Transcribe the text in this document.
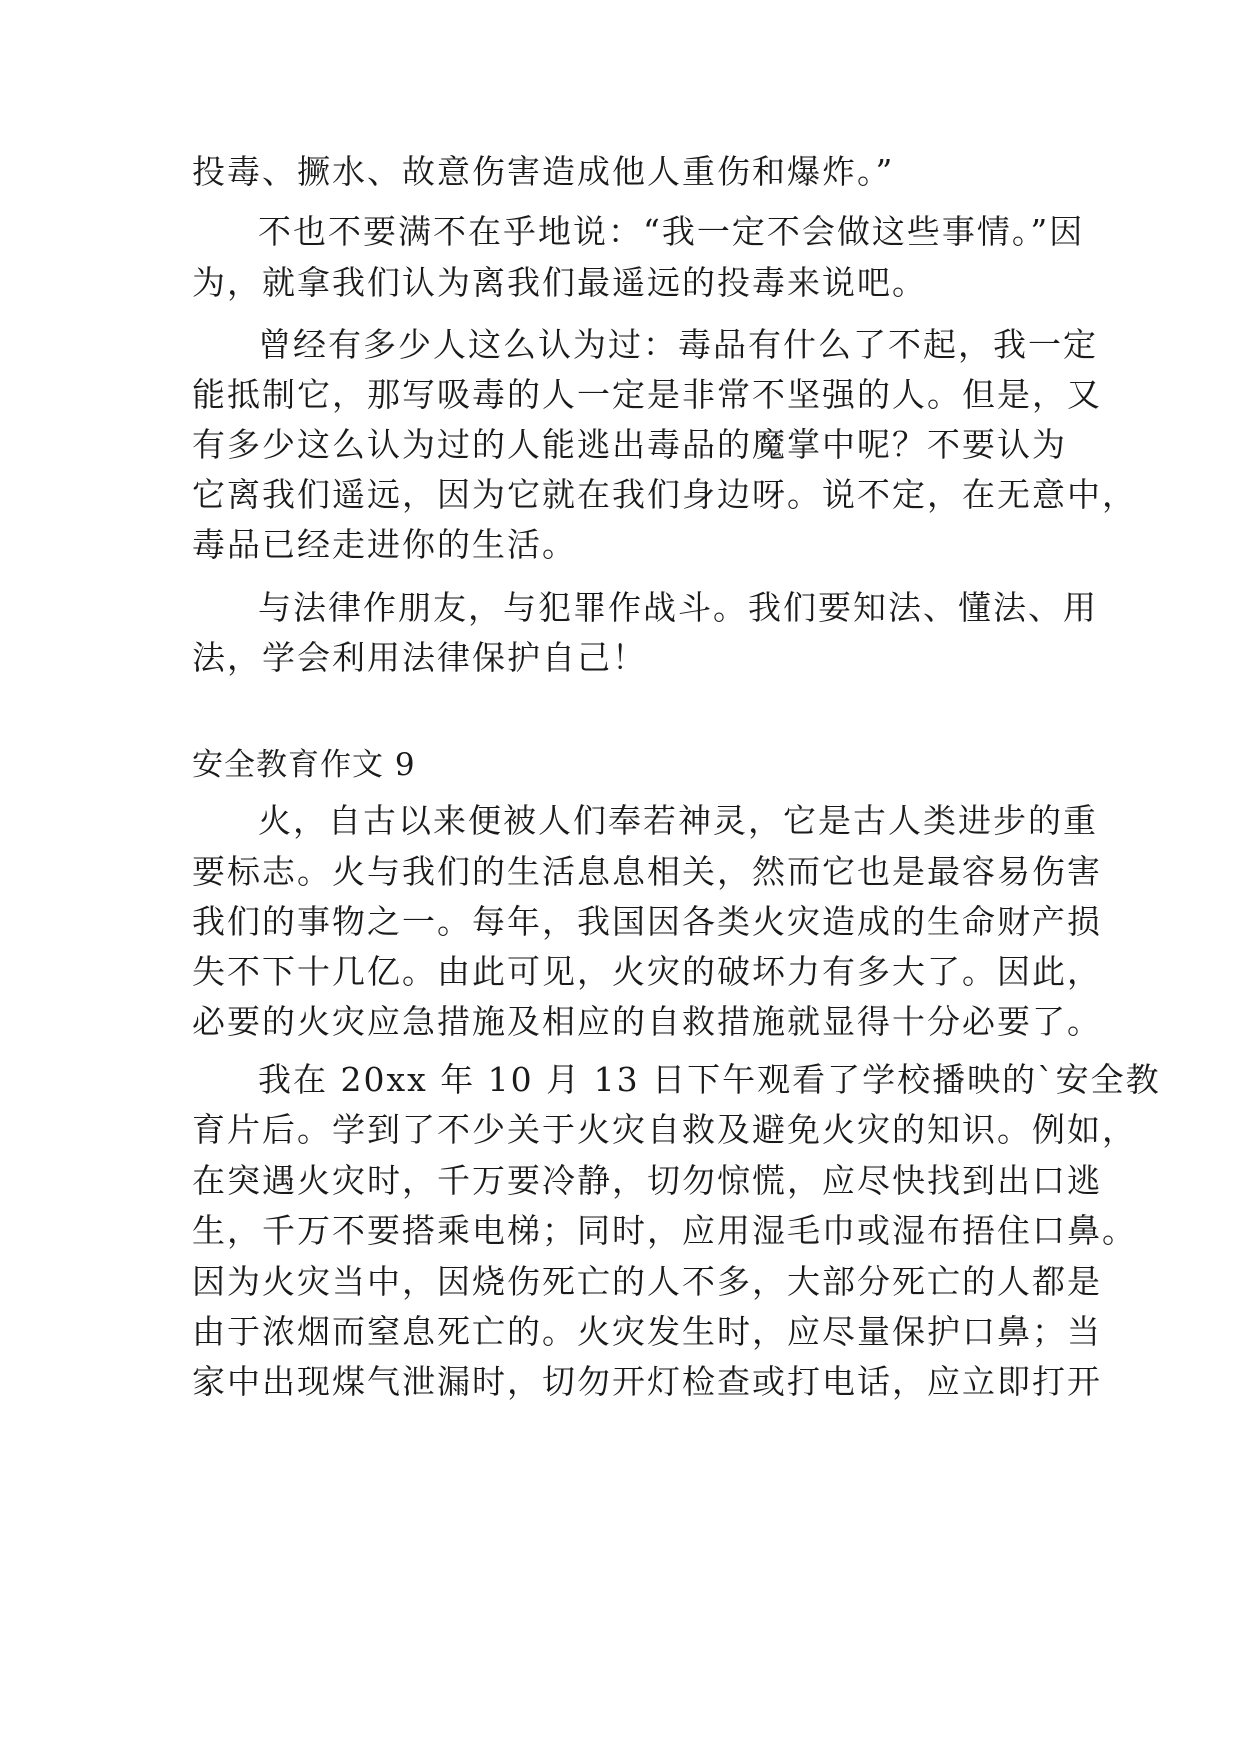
投毒、撅水、故意伤害造成他人重伤和爆炸。”
不也不要满不在乎地说：“我一定不会做这些事情。”因
为，就拿我们认为离我们最遥远的投毒来说吧。
曾经有多少人这么认为过：毒品有什么了不起，我一定
能抵制它，那写吸毒的人一定是非常不坚强的人。但是，又
有多少这么认为过的人能逃出毒品的魔掌中呢？不要认为
它离我们遥远，因为它就在我们身边呀。说不定，在无意中，
毒品已经走进你的生活。
与法律作朋友，与犯罪作战斗。我们要知法、懂法、用
法，学会利用法律保护自己！
安全教育作文 9
火，自古以来便被人们奉若神灵，它是古人类进步的重
要标志。火与我们的生活息息相关，然而它也是最容易伤害
我们的事物之一。每年，我国因各类火灾造成的生命财产损
失不下十几亿。由此可见，火灾的破坏力有多大了。因此，
必要的火灾应急措施及相应的自救措施就显得十分必要了。
我在 20xx 年 10 月 13 日下午观看了学校播映的`安全教
育片后。学到了不少关于火灾自救及避免火灾的知识。例如，
在突遇火灾时，千万要冷静，切勿惊慌，应尽快找到出口逃
生，千万不要搭乘电梯；同时，应用湿毛巾或湿布捂住口鼻。
因为火灾当中，因烧伤死亡的人不多，大部分死亡的人都是
由于浓烟而窒息死亡的。火灾发生时，应尽量保护口鼻；当
家中出现煤气泄漏时，切勿开灯检查或打电话，应立即打开
